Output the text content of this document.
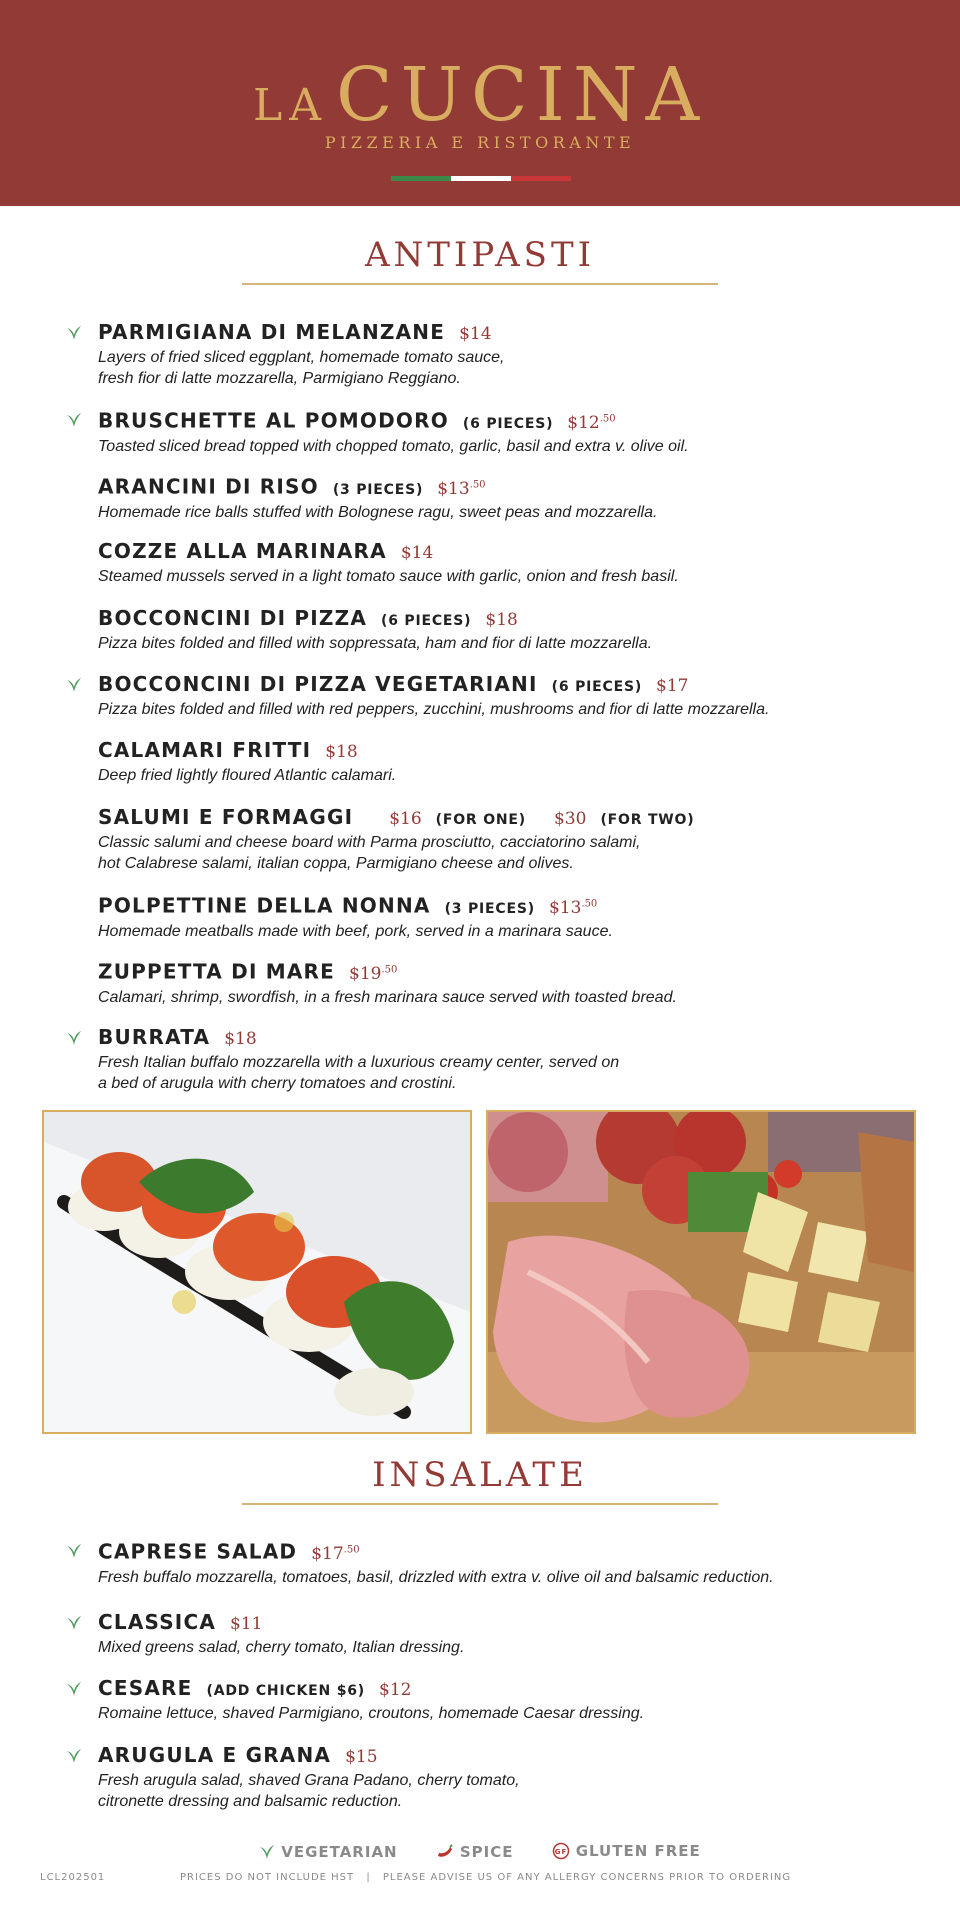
LA CUCINA
PIZZERIA E RISTORANTE
ANTIPASTI
PARMIGIANA DI MELANZANE $14
Layers of fried sliced eggplant, homemade tomato sauce,
fresh fior di latte mozzarella, Parmigiano Reggiano.
BRUSCHETTE AL POMODORO (6 PIECES) $\$12^{.50}$
Toasted sliced bread topped with chopped tomato, garlic, basil and extra v. olive oil.
ARANCINI DI RISO (3 PIECES) $\$13^{.50}$
Homemade rice balls stuffed with Bolognese ragu, sweet peas and mozzarella.
COZZE ALLA MARINARA $14
Steamed mussels served in a light tomato sauce with garlic, onion and fresh basil.
BOCCONCINI DI PIZZA (6 PIECES) $18
Pizza bites folded and filled with soppressata, ham and fior di latte mozzarella.
BOCCONCINI DI PIZZA VEGETARIANI (6 PIECES) $17
Pizza bites folded and filled with red peppers, zucchini, mushrooms and fior di latte mozzarella.
CALAMARI FRITTI $18
Deep fried lightly floured Atlantic calamari.
SALUMI E FORMAGGI $16 (FOR ONE) $30 (FOR TWO)
Classic salumi and cheese board with Parma prosciutto, cacciatorino salami,
hot Calabrese salami, italian coppa, Parmigiano cheese and olives.
POLPETTINE DELLA NONNA (3 PIECES) $\$13^{.50}$
Homemade meatballs made with beef, pork, served in a marinara sauce.
ZUPPETTA DI MARE $\$19^{.50}$
Calamari, shrimp, swordfish, in a fresh marinara sauce served with toasted bread.
BURRATA $18
Fresh Italian buffalo mozzarella with a luxurious creamy center, served on
a bed of arugula with cherry tomatoes and crostini.
INSALATE
CAPRESE SALAD $\$17^{.50}$
Fresh buffalo mozzarella, tomatoes, basil, drizzled with extra v. olive oil and balsamic reduction.
CLASSICA $11
Mixed greens salad, cherry tomato, Italian dressing.
CESARE (ADD CHICKEN $6) $12
Romaine lettuce, shaved Parmigiano, croutons, homemade Caesar dressing.
ARUGULA E GRANA $15
Fresh arugula salad, shaved Grana Padano, cherry tomato,
citronette dressing and balsamic reduction.
VEGETARIAN
	SPICE
	GF GLUTEN FREE
LCL202501	PRICES DO NOT INCLUDE HST | PLEASE ADVISE US OF ANY ALLERGY CONCERNS PRIOR TO ORDERING
